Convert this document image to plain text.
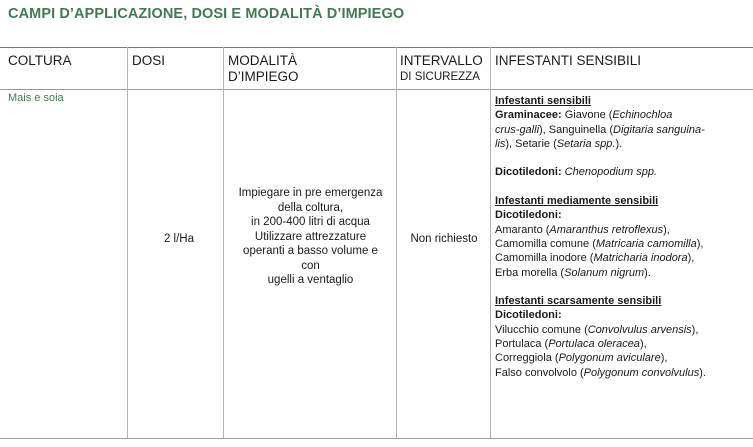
CAMPI D’APPLICAZIONE, DOSI E MODALITÀ D’IMPIEGO
COLTURA	DOSI	MODALITÀ
D’IMPIEGO
INTERVALLO
DI SICUREZZA
INFESTANTI SENSIBILI
Mais e soia
2 l/Ha
Impiegare in pre emergenza
della coltura,
in 200-400 litri di acqua
Utilizzare attrezzature
operanti a basso volume e
con
ugelli a ventaglio
Non richiesto
Infestanti sensibili

Graminacee: Giavone (Echinochloa
crus-galli), Sanguinella (Digitaria sanguina-
lis), Setarie (Setaria spp.).

Dicotiledoni: Chenopodium spp.

Infestanti mediamente sensibili

Dicotiledoni:

Amaranto (Amaranthus retroflexus),

Camomilla comune (Matricaria camomilla),

Camomilla inodore (Matricharia inodora),

Erba morella (Solanum nigrum).

Infestanti scarsamente sensibili

Dicotiledoni:

Vilucchio comune (Convolvulus arvensis),

Portulaca (Portulaca oleracea),

Correggiola (Polygonum aviculare),

Falso convolvolo (Polygonum convolvulus).
